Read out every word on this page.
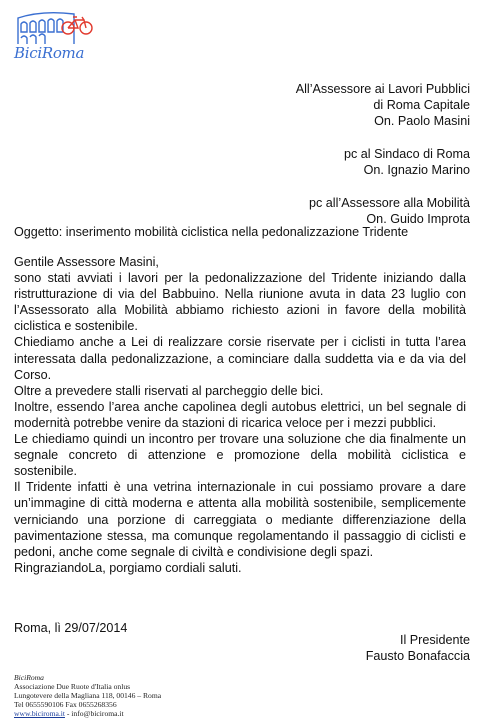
BiciRoma
All’Assessore ai Lavori Pubblici
di Roma Capitale
On. Paolo Masini
pc al Sindaco di Roma
On. Ignazio Marino
pc all’Assessore alla Mobilità
On. Guido Improta
Oggetto: inserimento mobilità ciclistica nella pedonalizzazione Tridente

Gentile Assessore Masini,

sono stati avviati i lavori per la pedonalizzazione del Tridente iniziando dalla ristrutturazione di via del Babbuino. Nella riunione avuta in data 23 luglio con l’Assessorato alla Mobilità abbiamo richiesto azioni in favore della mobilità ciclistica e sostenibile.

Chiediamo anche a Lei di realizzare corsie riservate per i ciclisti in tutta l’area interessata dalla pedonalizzazione, a cominciare dalla suddetta via e da via del Corso.

Oltre a prevedere stalli riservati al parcheggio delle bici.

Inoltre, essendo l’area anche capolinea degli autobus elettrici, un bel segnale di modernità potrebbe venire da stazioni di ricarica veloce per i mezzi pubblici.

Le chiediamo quindi un incontro per trovare una soluzione che dia finalmente un segnale concreto di attenzione e promozione della mobilità ciclistica e sostenibile.

Il Tridente infatti è una vetrina internazionale in cui possiamo provare a dare un’immagine di città moderna e attenta alla mobilità sostenibile, semplicemente verniciando una porzione di carreggiata o mediante differenziazione della pavimentazione stessa, ma comunque regolamentando il passaggio di ciclisti e pedoni, anche come segnale di civiltà e condivisione degli spazi.

RingraziandoLa, porgiamo cordiali saluti.

Roma, lì 29/07/2014
Il Presidente
Fausto Bonafaccia
BiciRoma
Associazione Due Ruote d'Italia onlus
Lungotevere della Magliana 118, 00146 – Roma
Tel 0655590106 Fax 0655268356
www.biciroma.it - info@biciroma.it
